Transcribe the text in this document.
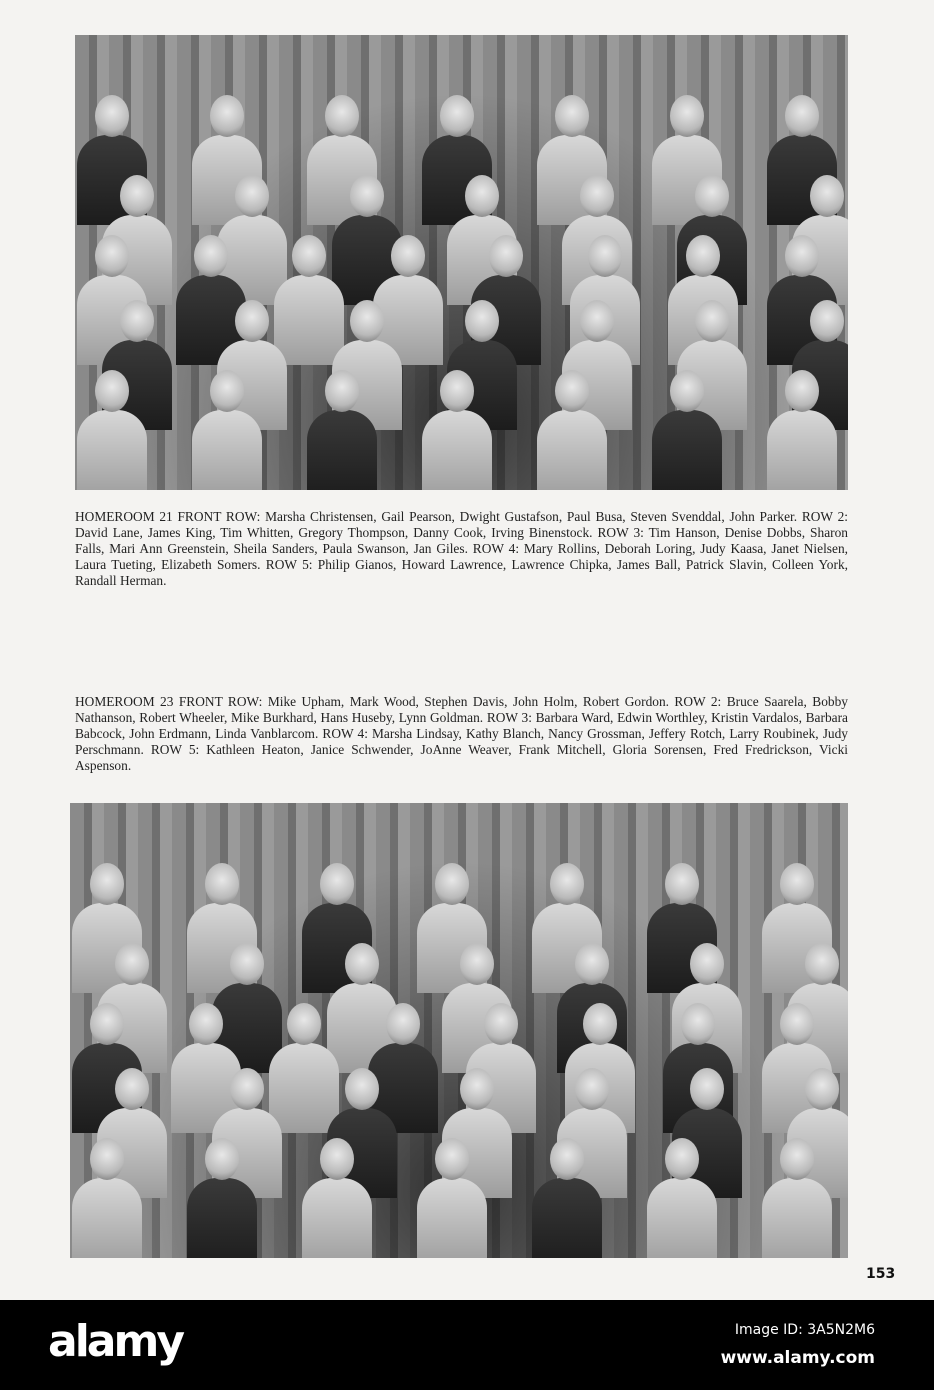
HOMEROOM 21 FRONT ROW: Marsha Christensen, Gail Pearson, Dwight Gustafson, Paul Busa, Steven Svenddal, John Parker. ROW 2: David Lane, James King, Tim Whitten, Gregory Thompson, Danny Cook, Irving Binenstock. ROW 3: Tim Hanson, Denise Dobbs, Sharon Falls, Mari Ann Greenstein, Sheila Sanders, Paula Swanson, Jan Giles. ROW 4: Mary Rollins, Deborah Loring, Judy Kaasa, Janet Nielsen, Laura Tueting, Elizabeth Somers. ROW 5: Philip Gianos, Howard Lawrence, Lawrence Chipka, James Ball, Patrick Slavin, Colleen York, Randall Herman.
HOMEROOM 23 FRONT ROW: Mike Upham, Mark Wood, Stephen Davis, John Holm, Robert Gordon. ROW 2: Bruce Saarela, Bobby Nathanson, Robert Wheeler, Mike Burkhard, Hans Huseby, Lynn Goldman. ROW 3: Barbara Ward, Edwin Worthley, Kristin Vardalos, Barbara Babcock, John Erdmann, Linda Vanblarcom. ROW 4: Marsha Lindsay, Kathy Blanch, Nancy Grossman, Jeffery Rotch, Larry Roubinek, Judy Perschmann. ROW 5: Kathleen Heaton, Janice Schwender, JoAnne Weaver, Frank Mitchell, Gloria Sorensen, Fred Fredrickson, Vicki Aspenson.
153
alamy	Image ID: 3A5N2M6
www.alamy.com
